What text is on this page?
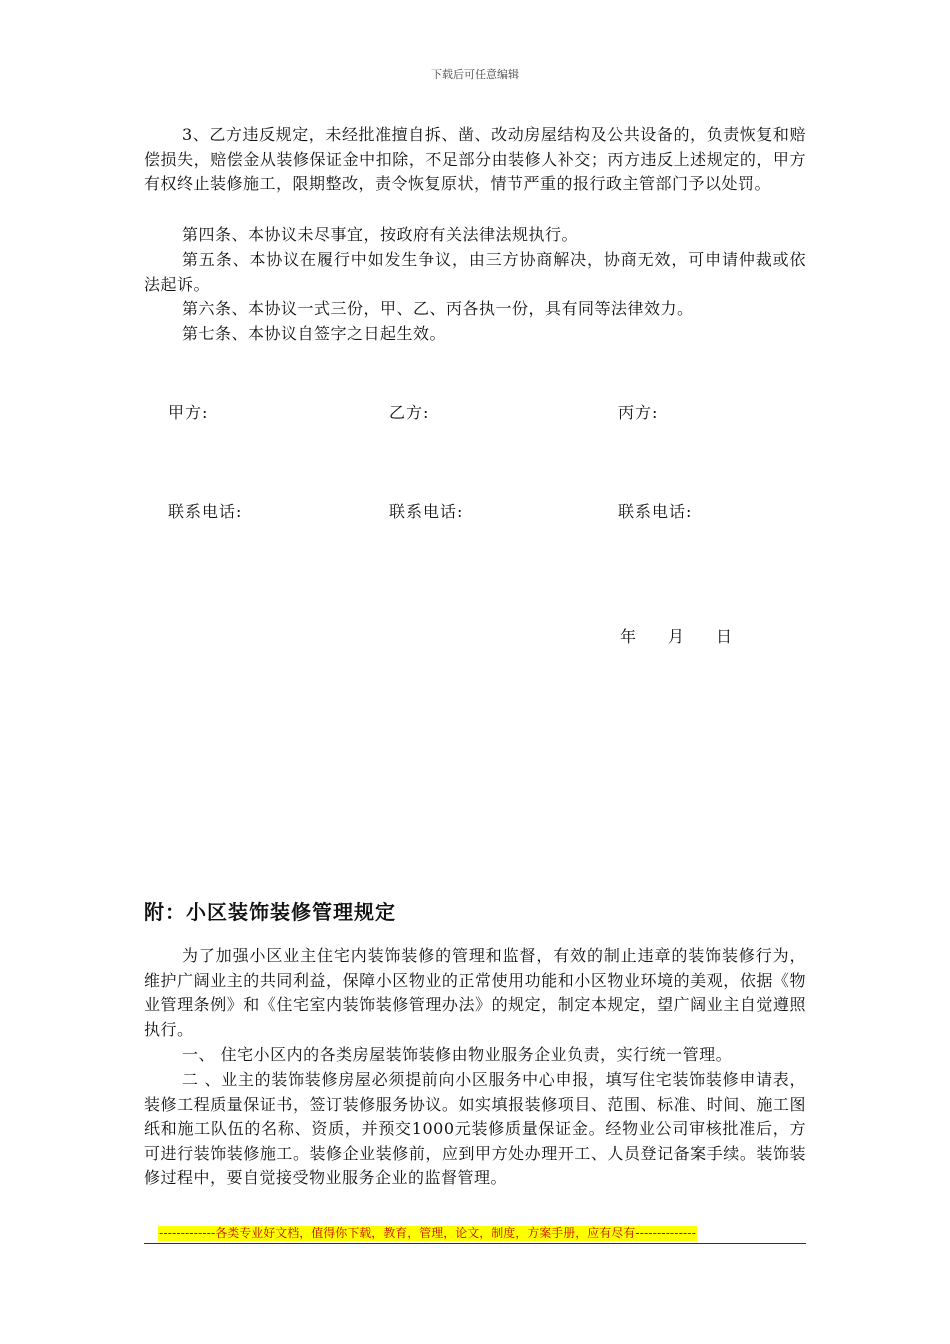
下载后可任意编辑

3、乙方违反规定，未经批准擅自拆、凿、改动房屋结构及公共设备的，负责恢复和赔偿损失，赔偿金从装修保证金中扣除，不足部分由装修人补交；丙方违反上述规定的，甲方有权终止装修施工，限期整改，责令恢复原状，情节严重的报行政主管部门予以处罚。

第四条、本协议未尽事宜，按政府有关法律法规执行。

第五条、本协议在履行中如发生争议，由三方协商解决，协商无效，可申请仲裁或依法起诉。

第六条、本协议一式三份，甲、乙、丙各执一份，具有同等法律效力。

第七条、本协议自签字之日起生效。

甲方:	乙方:	丙方:

联系电话:	联系电话:	联系电话:

年 月 日

附：小区装饰装修管理规定

为了加强小区业主住宅内装饰装修的管理和监督，有效的制止违章的装饰装修行为，维护广阔业主的共同利益，保障小区物业的正常使用功能和小区物业环境的美观，依据《物业管理条例》和《住宅室内装饰装修管理办法》的规定，制定本规定，望广阔业主自觉遵照执行。

一、 住宅小区内的各类房屋装饰装修由物业服务企业负责，实行统一管理。

二 、业主的装饰装修房屋必须提前向小区服务中心申报，填写住宅装饰装修申请表，装修工程质量保证书，签订装修服务协议。如实填报装修项目、范围、标准、时间、施工图纸和施工队伍的名称、资质，并预交1000元装修质量保证金。经物业公司审核批准后，方可进行装饰装修施工。装修企业装修前，应到甲方处办理开工、人员登记备案手续。装饰装修过程中，要自觉接受物业服务企业的监督管理。

-------------各类专业好文档，值得你下载，教育，管理，论文，制度，方案手册，应有尽有--------------
